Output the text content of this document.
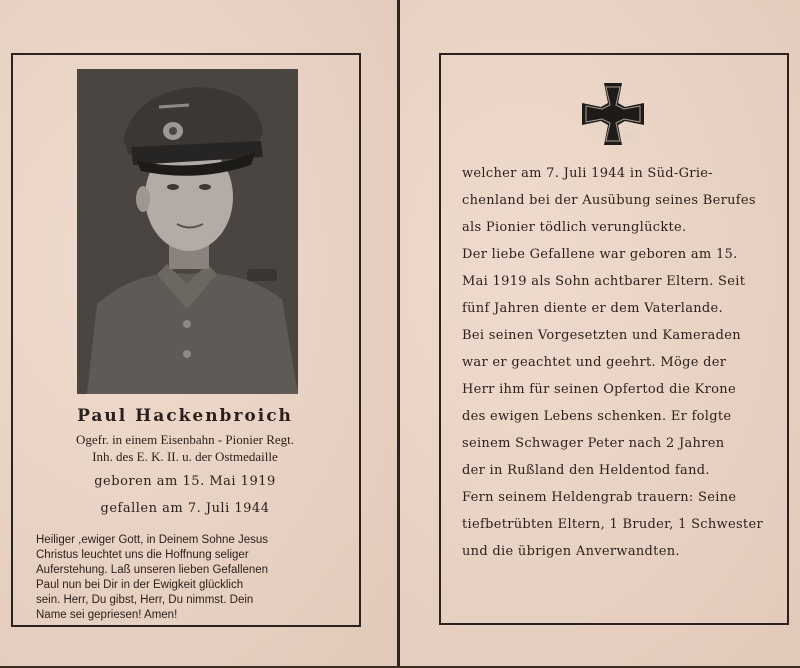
Paul Hackenbroich
Ogefr. in einem Eisenbahn - Pionier Regt.
Inh. des E. K. II. u. der Ostmedaille
geboren am 15. Mai 1919
gefallen am 7. Juli 1944
Heiliger ,ewiger Gott, in Deinem Sohne Jesus
Christus leuchtet uns die Hoffnung seliger
Auferstehung. Laß unseren lieben Gefallenen
Paul nun bei Dir in der Ewigkeit glücklich
sein. Herr, Du gibst, Herr, Du nimmst. Dein
Name sei gepriesen! Amen!
1939
welcher am 7. Juli 1944 in Süd-Grie-
chenland bei der Ausübung seines Berufes
als Pionier tödlich verunglückte.
Der liebe Gefallene war geboren am 15.
Mai 1919 als Sohn achtbarer Eltern. Seit
fünf Jahren diente er dem Vaterlande.
Bei seinen Vorgesetzten und Kameraden
war er geachtet und geehrt. Möge der
Herr ihm für seinen Opfertod die Krone
des ewigen Lebens schenken. Er folgte
seinem Schwager Peter nach 2 Jahren
der in Rußland den Heldentod fand.
Fern seinem Heldengrab trauern: Seine
tiefbetrübten Eltern, 1 Bruder, 1 Schwester
und die übrigen Anverwandten.
